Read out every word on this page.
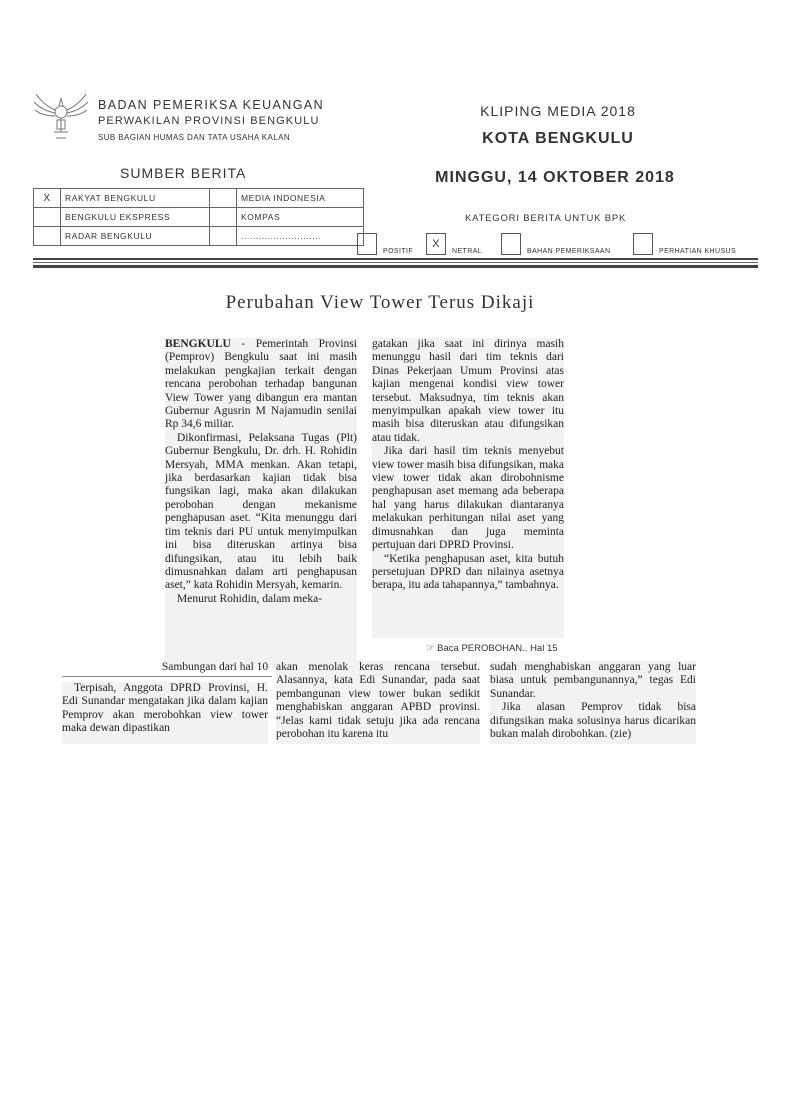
BADAN PEMERIKSA KEUANGAN
PERWAKILAN PROVINSI BENGKULU
SUB BAGIAN HUMAS DAN TATA USAHA KALAN
KLIPING MEDIA 2018
KOTA BENGKULU
MINGGU, 14 OKTOBER 2018
SUMBER BERITA
X	RAKYAT BENGKULU		MEDIA INDONESIA
	BENGKULU EKSPRESS		KOMPAS
	RADAR BENGKULU		...........................
KATEGORI BERITA UNTUK BPK
POSITIF
X
NETRAL	BAHAN PEMERIKSAAN	PERHATIAN KHUSUS
Perubahan View Tower Terus Dikaji

BENGKULU - Pemerintah Provinsi (Pemprov) Bengkulu saat ini masih melakukan pengkajian terkait dengan rencana perobohan terhadap bangunan View Tower yang dibangun era mantan Gubernur Agusrin M Najamudin senilai Rp 34,6 miliar.

Dikonfirmasi, Pelaksana Tugas (Plt) Gubernur Bengkulu, Dr. drh. H. Rohidin Mersyah, MMA menkan. Akan tetapi, jika berdasarkan kajian tidak bisa fungsikan lagi, maka akan dilakukan perobohan dengan mekanisme penghapusan aset. “Kita menunggu dari tim teknis dari PU untuk menyimpulkan ini bisa diteruskan artinya bisa difungsikan, atau itu lebih baik dimusnahkan dalam arti penghapusan aset,” kata Rohidin Mersyah, kemarin.

Menurut Rohidin, dalam meka-

gatakan jika saat ini dirinya masih menunggu hasil dari tim teknis dari Dinas Pekerjaan Umum Provinsi atas kajian mengenai kondisi view tower tersebut. Maksudnya, tim teknis akan menyimpulkan apakah view tower itu masih bisa diteruskan atau difungsikan atau tidak.

Jika dari hasil tim teknis menyebut view tower masih bisa difungsikan, maka view tower tidak akan dirobohnisme penghapusan aset memang ada beberapa hal yang harus dilakukan diantaranya melakukan perhitungan nilai aset yang dimusnahkan dan juga meminta pertujuan dari DPRD Provinsi.

“Ketika penghapusan aset, kita butuh persetujuan DPRD dan nilainya asetnya berapa, itu ada tahapannya,” tambahnya.

☞ Baca PEROBOHAN.. Hal 15
Sambungan dari hal 10

Terpisah, Anggota DPRD Provinsi, H. Edi Sunandar mengatakan jika dalam kajian Pemprov akan merobohkan view tower maka dewan dipastikan

akan menolak keras rencana tersebut. Alasannya, kata Edi Sunandar, pada saat pembangunan view tower bukan sedikit menghabiskan anggaran APBD provinsi. “Jelas kami tidak setuju jika ada rencana perobohan itu karena itu

sudah menghabiskan anggaran yang luar biasa untuk pembangunannya,” tegas Edi Sunandar.

Jika alasan Pemprov tidak bisa difungsikan maka solusinya harus dicarikan bukan malah dirobohkan. (zie)
